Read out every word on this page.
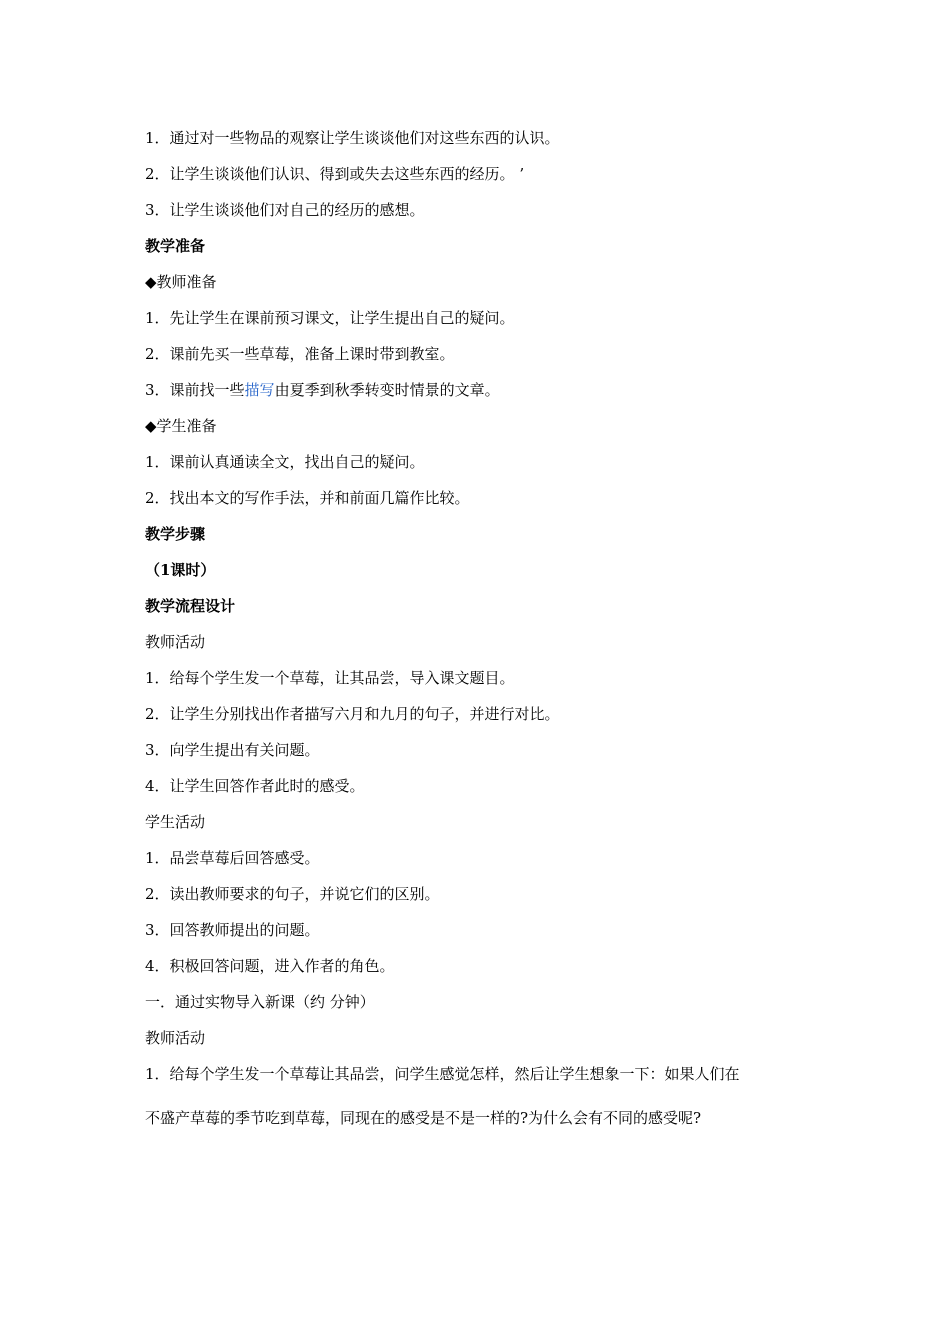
1．通过对一些物品的观察让学生谈谈他们对这些东西的认识。
2．让学生谈谈他们认识、得到或失去这些东西的经历。 ’
3．让学生谈谈他们对自己的经历的感想。
教学准备
◆教师准备
1．先让学生在课前预习课文，让学生提出自己的疑问。
2．课前先买一些草莓，准备上课时带到教室。
3．课前找一些描写由夏季到秋季转变时情景的文章。
◆学生准备
1．课前认真通读全文，找出自己的疑问。
2．找出本文的写作手法，并和前面几篇作比较。
教学步骤
（1课时）
教学流程设计
教师活动
1．给每个学生发一个草莓，让其品尝，导入课文题目。
2．让学生分别找出作者描写六月和九月的句子，并进行对比。
3．向学生提出有关问题。
4．让学生回答作者此时的感受。
学生活动
1．品尝草莓后回答感受。
2．读出教师要求的句子，并说它们的区别。
3．回答教师提出的问题。
4．积极回答问题，进入作者的角色。
一．通过实物导入新课（约 分钟）
教师活动
1．给每个学生发一个草莓让其品尝，问学生感觉怎样，然后让学生想象一下：如果人们在
不盛产草莓的季节吃到草莓，同现在的感受是不是一样的?为什么会有不同的感受呢?
